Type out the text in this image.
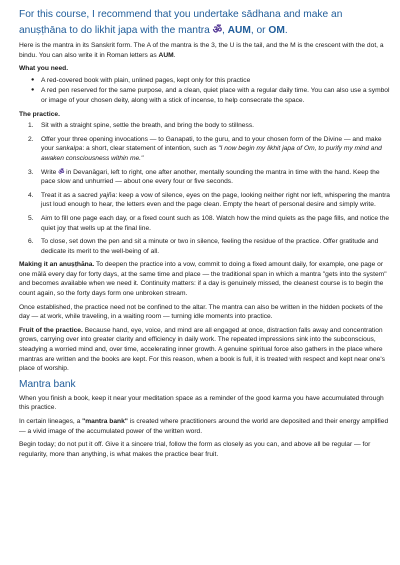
For this course, I recommend that you undertake sādhana and make an anuṣṭhāna to do likhit japa with the mantra ॐ, AUM, or OM.

Here is the mantra in its Sanskrit form. The A of the mantra is the 3, the U is the tail, and the M is the crescent with the dot, a bindu. You can also write it in Roman letters as AUM.

What you need.
● A red-covered book with plain, unlined pages, kept only for this practice
● A red pen reserved for the same purpose, and a clean, quiet place with a regular daily time. You can also use a symbol or image of your chosen deity, along with a stick of incense, to help consecrate the space.
The practice.
Sit with a straight spine, settle the breath, and bring the body to stillness.
Offer your three opening invocations — to Ganapati, to the guru, and to your chosen form of the Divine — and make your sankalpa: a short, clear statement of intention, such as "I now begin my likhit japa of Om, to purify my mind and awaken consciousness within me."
Write ॐ in Devanāgari, left to right, one after another, mentally sounding the mantra in time with the hand. Keep the pace slow and unhurried — about one every four or five seconds.
Treat it as a sacred yajña: keep a vow of silence, eyes on the page, looking neither right nor left, whispering the mantra just loud enough to hear, the letters even and the page clean. Empty the heart of personal desire and simply write.
Aim to fill one page each day, or a fixed count such as 108. Watch how the mind quiets as the page fills, and notice the quiet joy that wells up at the final line.
To close, set down the pen and sit a minute or two in silence, feeling the residue of the practice. Offer gratitude and dedicate its merit to the well-being of all.

Making it an anuṣṭhāna. To deepen the practice into a vow, commit to doing a fixed amount daily, for example, one page or one mālā every day for forty days, at the same time and place — the traditional span in which a mantra "gets into the system" and becomes available when we need it. Continuity matters: if a day is genuinely missed, the cleanest course is to begin the count again, so the forty days form one unbroken stream.

Once established, the practice need not be confined to the altar. The mantra can also be written in the hidden pockets of the day — at work, while traveling, in a waiting room — turning idle moments into practice.

Fruit of the practice. Because hand, eye, voice, and mind are all engaged at once, distraction falls away and concentration grows, carrying over into greater clarity and efficiency in daily work. The repeated impressions sink into the subconscious, steadying a worried mind and, over time, accelerating inner growth. A genuine spiritual force also gathers in the place where mantras are written and the books are kept. For this reason, when a book is full, it is treated with respect and kept near one's place of worship.

Mantra bank

When you finish a book, keep it near your meditation space as a reminder of the good karma you have accumulated through this practice.

In certain lineages, a "mantra bank" is created where practitioners around the world are deposited and their energy amplified — a vivid image of the accumulated power of the written word.

Begin today; do not put it off. Give it a sincere trial, follow the form as closely as you can, and above all be regular — for regularity, more than anything, is what makes the practice bear fruit.
